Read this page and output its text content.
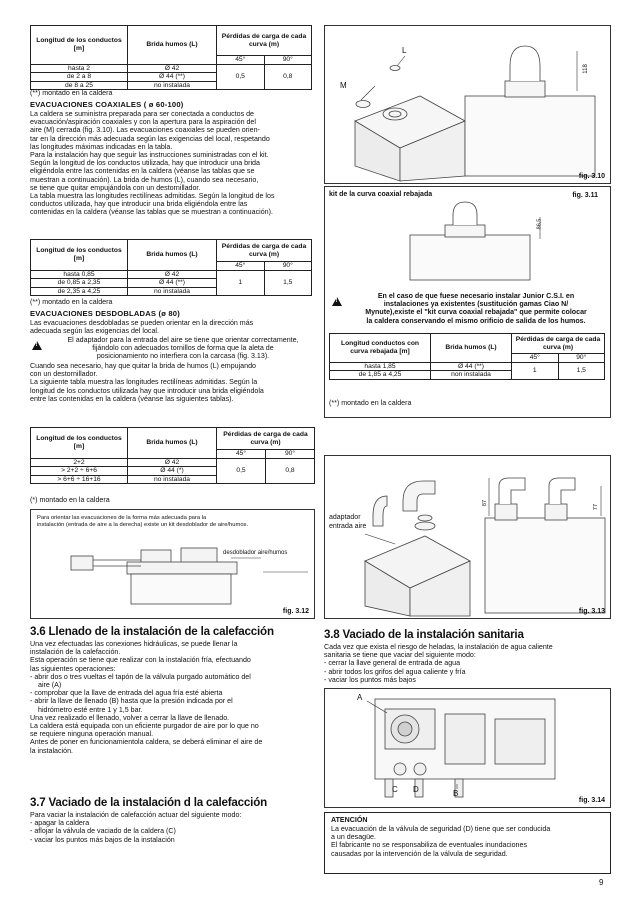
Longitud de los conductos [m]	Brida humos (L)	Pérdidas de carga de cada curva (m)	
		45°	90°
hasta 2	Ø 42	0,5	0,8
de 2 a 8	Ø 44 (**)		
de 8 a 25	no instalada		

(**) montado en la caldera

EVACUACIONES COAXIALES ( ø 60-100)

La caldera se suministra preparada para ser conectada a conductos de

evacuación/aspiración coaxiales y con la apertura para la aspiración del

aire (M) cerrada (fig. 3.10). Las evacuaciones coaxiales se pueden orien-

tar en la dirección más adecuada según las exigencias del local, respetando

las longitudes máximas indicadas en la tabla.

Para la instalación hay que seguir las instrucciones suministradas con el kit.

Según la longitud de los conductos utilizada, hay que introducir una brida

eligiéndola entre las contenidas en la caldera (véanse las tablas que se

muestran a continuación). La brida de humos (L), cuando sea necesario,

se tiene que quitar empujándola con un destornillador.

La tabla muestra las longitudes rectilíneas admitidas. Según la longitud de los

conductos utilizada, hay que introducir una brida eligiéndola entre las

contenidas en la caldera (véanse las tablas que se muestran a continuación).

Longitud de los conductos [m]	Brida humos (L)	Pérdidas de carga de cada curva (m)	
		45°	90°
hasta 0,85	Ø 42	1	1,5
de 0,85 a 2,35	Ø 44 (**)		
de 2,35 a 4,25	no instalada		

(**) montado en la caldera

EVACUACIONES DESDOBLADAS (ø 80)

Las evacuaciones desdobladas se pueden orientar en la dirección más

adecuada según las exigencias del local.

!

El adaptador para la entrada del aire se tiene que orientar correctamente,

fijándolo con adecuados tornillos de forma que la aleta de

posicionamiento no interfiera con la carcasa (fig. 3.13).

Cuando sea necesario, hay que quitar la brida de humos (L) empujando

con un destornillador.

La siguiente tabla muestra las longitudes rectilíneas admitidas. Según la

longitud de los conductos utilizada hay que introducir una brida eligiéndola

entre las contenidas en la caldera (véanse las siguientes tablas).

Longitud de los conductos [m]	Brida humos (L)	Pérdidas de carga de cada curva (m)	
		45°	90°
2+2	Ø 42	0,5	0,8
> 2+2 ÷ 6+6	Ø 44 (*)		
> 6+6 ÷ 16+16	no instalada		

(*) montado en la caldera

Para orientar las evacuaciones de la forma más adecuada para la

instalación (entrada de aire a la derecha) existe un kit desdoblador de aire/humos.

desdoblador aire/humos

fig. 3.12

3.6 Llenado de la instalación de la calefacción

Una vez efectuadas las conexiones hidráulicas, se puede llenar la

instalación de la calefacción.

Esta operación se tiene que realizar con la instalación fría, efectuando

las siguientes operaciones:

- abrir dos o tres vueltas el tapón de la válvula purgado automático del

aire (A)

- comprobar que la llave de entrada del agua fría esté abierta

- abrir la llave de llenado (B) hasta que la presión indicada por el

hidrómetro esté entre 1 y 1,5 bar.

Una vez realizado el llenado, volver a cerrar la llave de llenado.

La caldera está equipada con un eficiente purgador de aire por lo que no

se requiere ninguna operación manual.

Antes de poner en funcionamientola caldera, se deberá eliminar el aire de

la instalación.

3.7 Vaciado de la instalación d la calefacción

Para vaciar la instalación de calefacción actuar del siguiente modo:

- apagar la caldera

- aflojar la válvula de vaciado de la caldera (C)

- vaciar los puntos más bajos de la instalación

L

M

118

fig. 3.10

kit de la curva coaxial rebajada	fig. 3.11

86,5

!

En el caso de que fuese necesario instalar Junior C.S.I. en

instalaciones ya existentes (sustitución gamas Ciao N/

Mynute),existe el "kit curva coaxial rebajada" que permite colocar

la caldera conservando el mismo orificio de salida de los humos.

Longitud conductos con curva rebajada [m]	Brida humos (L)	Pérdidas de carga de cada curva (m)	
		45°	90°
hasta 1,85	Ø 44 (**)	1	1,5
de 1,85 a 4,25	non instalada		

(**) montado en la caldera

adaptador

entrada aire

87

77

fig. 3.13

3.8 Vaciado de la instalación sanitaria

Cada vez que exista el riesgo de heladas, la instalación de agua caliente

sanitaria se tiene que vaciar del siguiente modo:

- cerrar la llave general de entrada de agua

- abrir todos los grifos del agua caliente y fría

- vaciar los puntos más bajos

A

B

C D

fig. 3.14

ATENCIÓN

La evacuación de la válvula de seguridad (D) tiene que ser conducida

a un desagüe.

El fabricante no se responsabiliza de eventuales inundaciones

causadas por la intervención de la válvula de seguridad.

9
